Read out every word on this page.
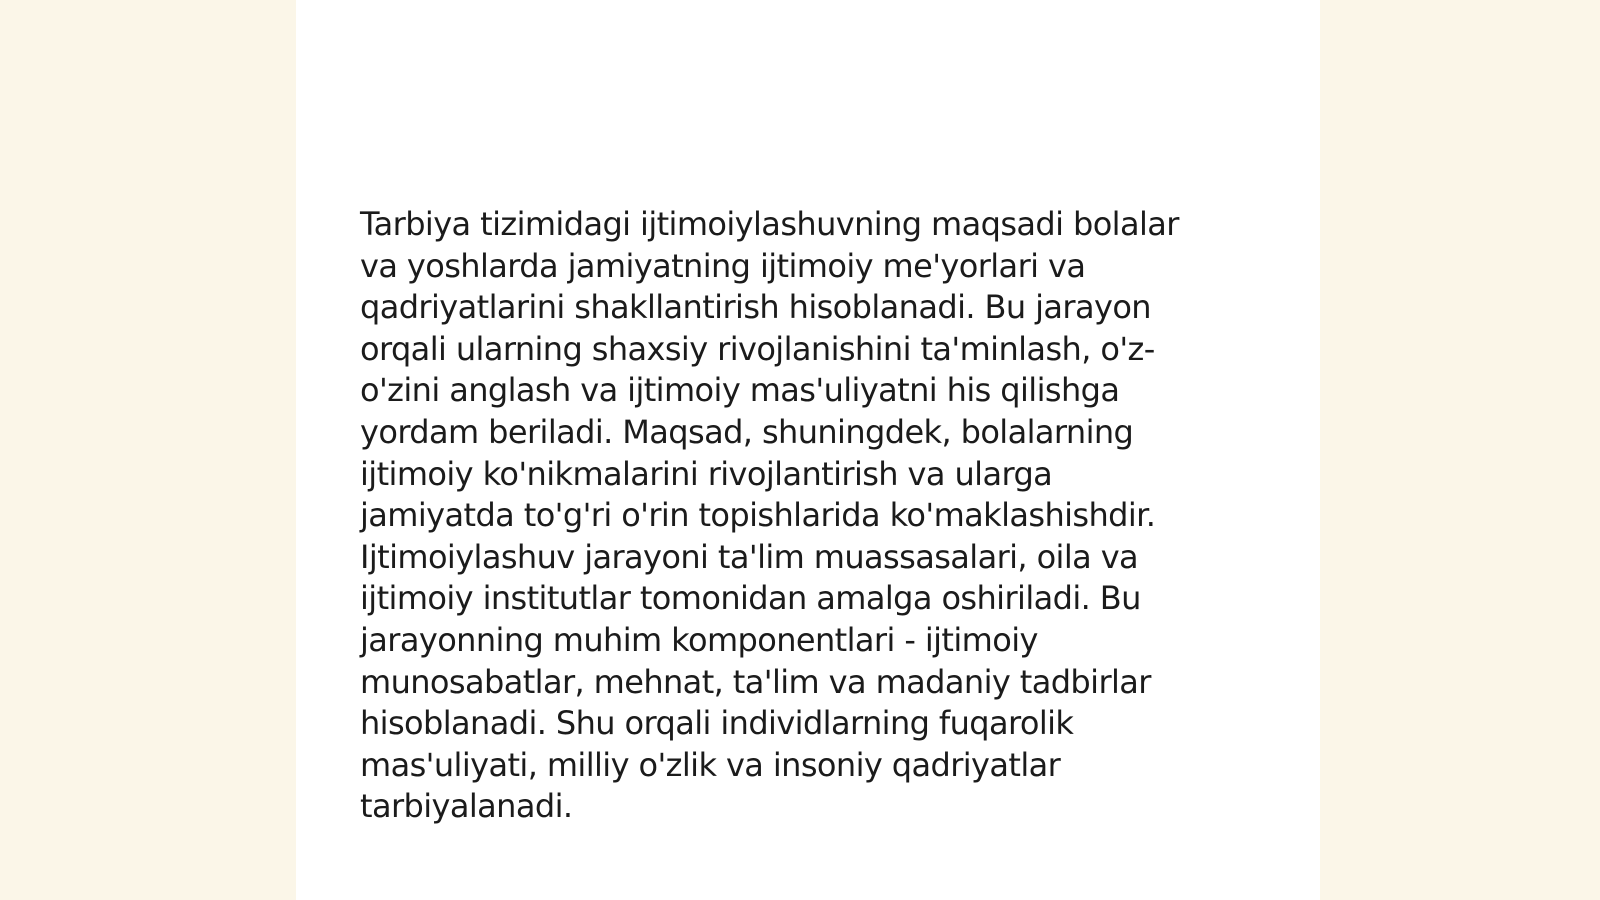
Tarbiya tizimidagi ijtimoiylashuvning maqsadi bolalar
va yoshlarda jamiyatning ijtimoiy me'yorlari va
qadriyatlarini shakllantirish hisoblanadi. Bu jarayon
orqali ularning shaxsiy rivojlanishini ta'minlash, o'z-
o'zini anglash va ijtimoiy mas'uliyatni his qilishga
yordam beriladi. Maqsad, shuningdek, bolalarning
ijtimoiy ko'nikmalarini rivojlantirish va ularga
jamiyatda to'g'ri o'rin topishlarida ko'maklashishdir.
Ijtimoiylashuv jarayoni ta'lim muassasalari, oila va
ijtimoiy institutlar tomonidan amalga oshiriladi. Bu
jarayonning muhim komponentlari - ijtimoiy
munosabatlar, mehnat, ta'lim va madaniy tadbirlar
hisoblanadi. Shu orqali individlarning fuqarolik
mas'uliyati, milliy o'zlik va insoniy qadriyatlar
tarbiyalanadi.
